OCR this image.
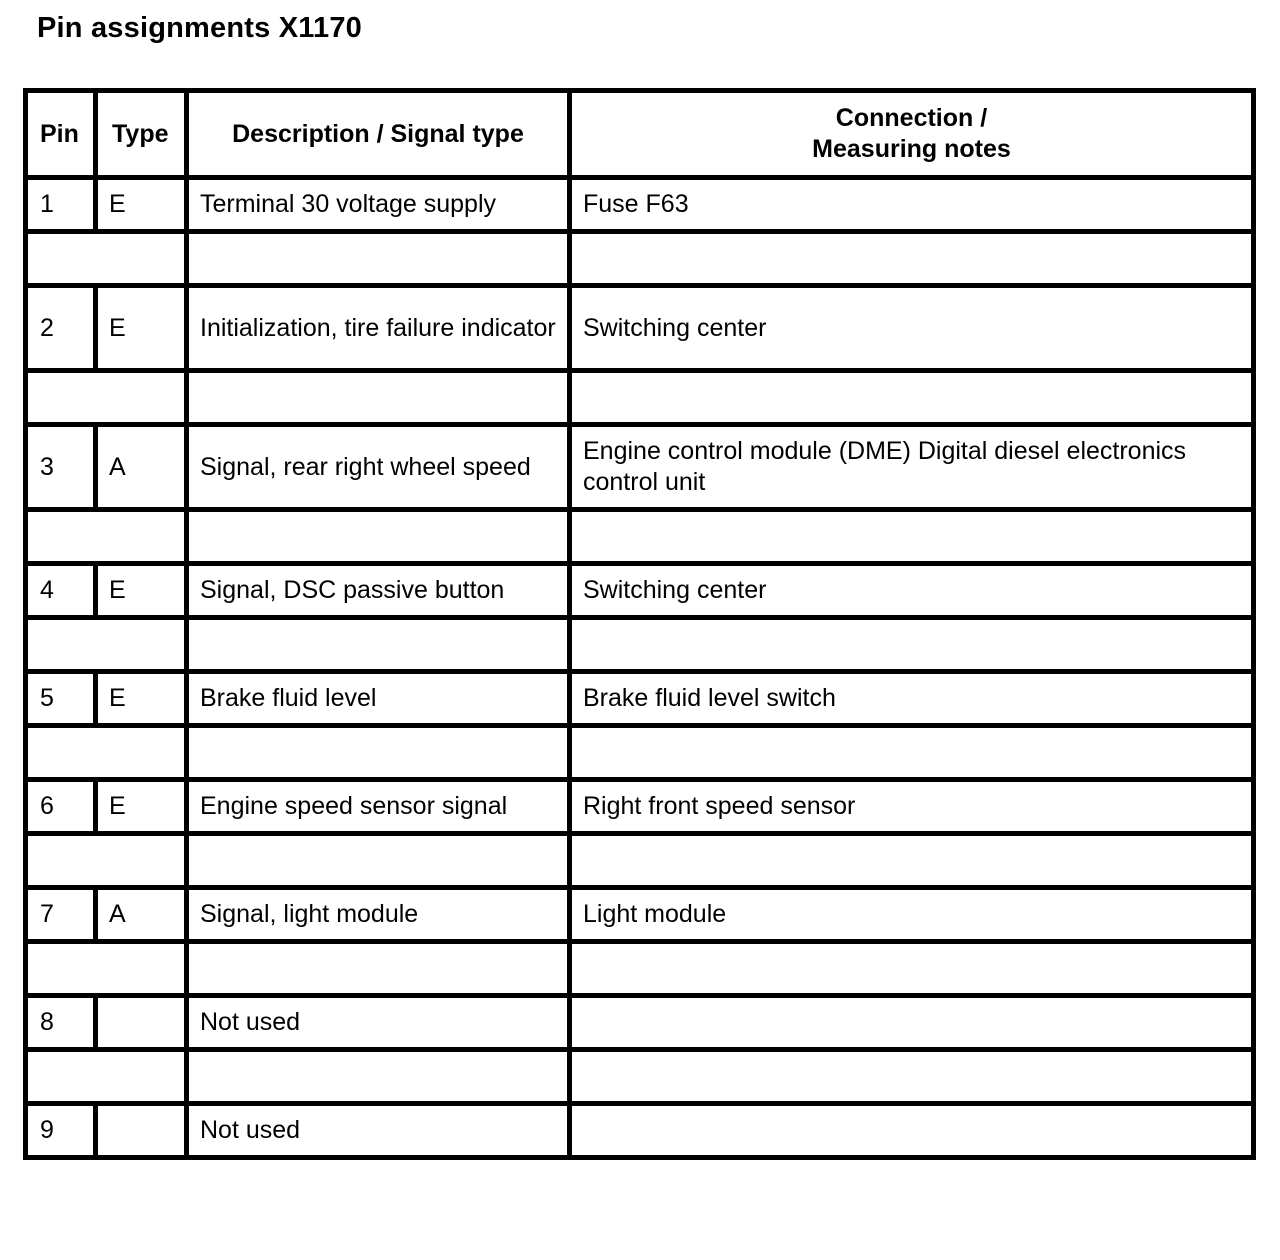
Pin assignments X1170
Pin	Type	Description / Signal type	Connection /
Measuring notes
1	E	Terminal 30 voltage supply	Fuse F63

2	E	Initialization, tire failure indicator	Switching center

3	A	Signal, rear right wheel speed	Engine control module (DME) Digital diesel electronics control unit

4	E	Signal, DSC passive button	Switching center

5	E	Brake fluid level	Brake fluid level switch

6	E	Engine speed sensor signal	Right front speed sensor

7	A	Signal, light module	Light module

8		Not used	

9		Not used	
